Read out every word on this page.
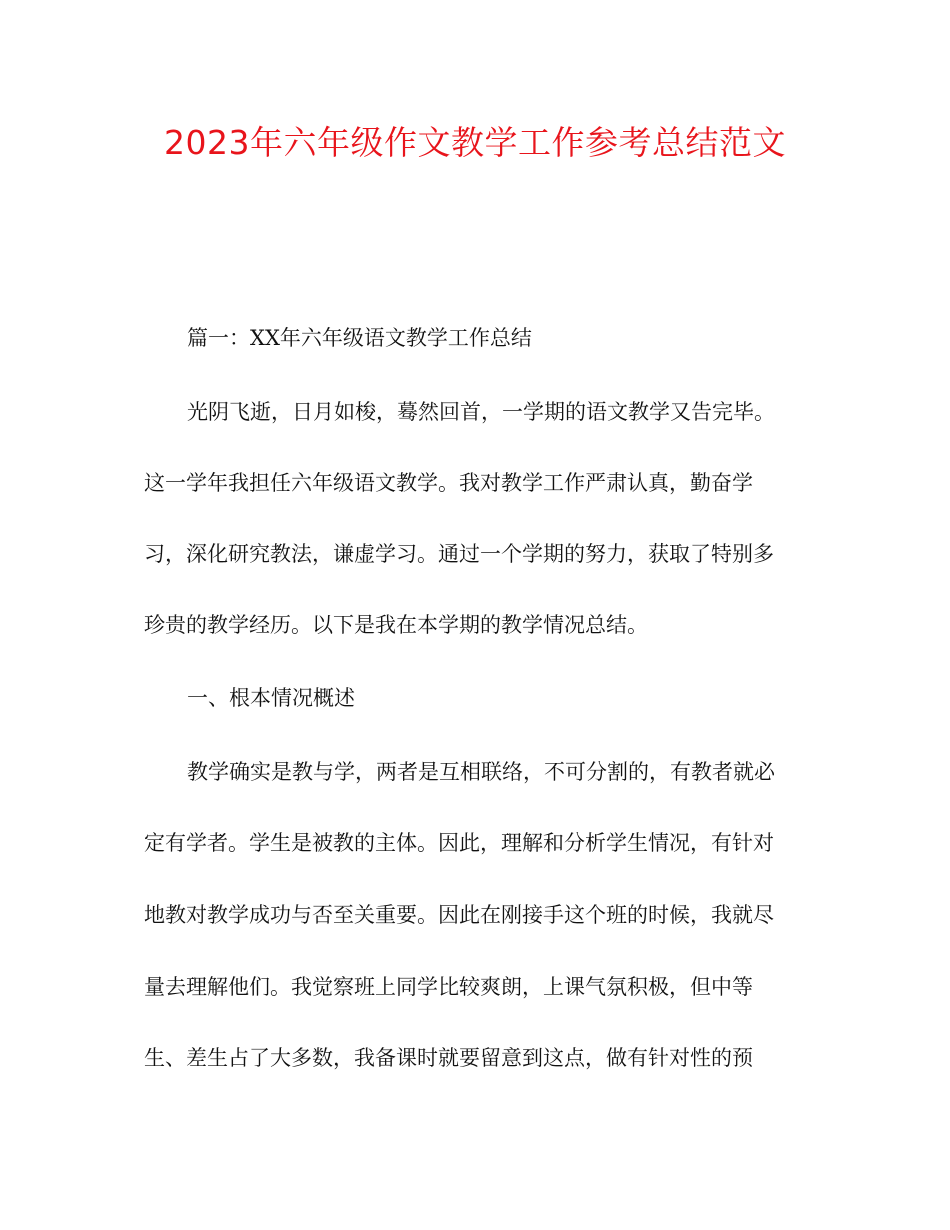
2023年六年级作文教学工作参考总结范文
篇一：XX年六年级语文教学工作总结
光阴飞逝，日月如梭，蓦然回首，一学期的语文教学又告完毕。
这一学年我担任六年级语文教学。我对教学工作严肃认真，勤奋学
习，深化研究教法，谦虚学习。通过一个学期的努力，获取了特别多
珍贵的教学经历。以下是我在本学期的教学情况总结。
一、根本情况概述
教学确实是教与学，两者是互相联络，不可分割的，有教者就必
定有学者。学生是被教的主体。因此，理解和分析学生情况，有针对
地教对教学成功与否至关重要。因此在刚接手这个班的时候，我就尽
量去理解他们。我觉察班上同学比较爽朗，上课气氛积极，但中等
生、差生占了大多数，我备课时就要留意到这点，做有针对性的预
